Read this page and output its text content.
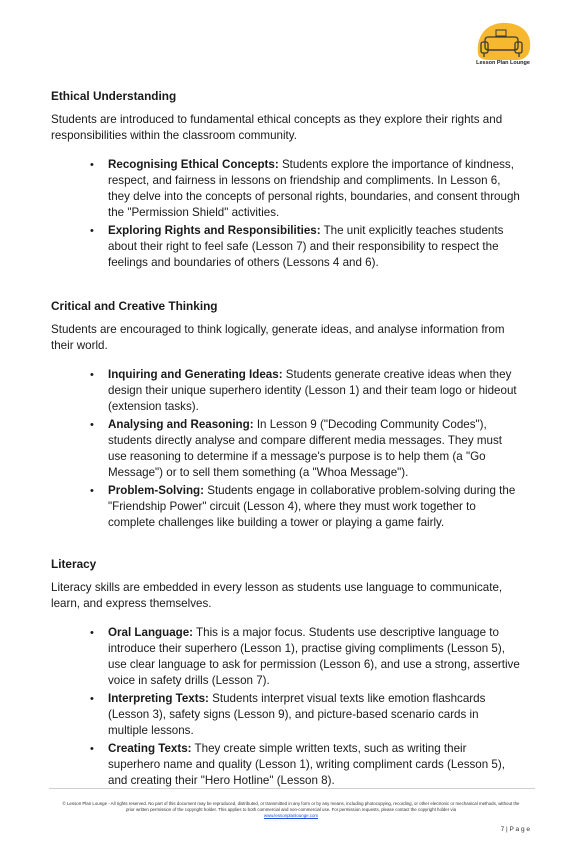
Lesson Plan Lounge
Ethical Understanding

Students are introduced to fundamental ethical concepts as they explore their rights and responsibilities within the classroom community.

• Recognising Ethical Concepts: Students explore the importance of kindness, respect, and fairness in lessons on friendship and compliments. In Lesson 6, they delve into the concepts of personal rights, boundaries, and consent through the "Permission Shield" activities.
• Exploring Rights and Responsibilities: The unit explicitly teaches students about their right to feel safe (Lesson 7) and their responsibility to respect the feelings and boundaries of others (Lessons 4 and 6).
Critical and Creative Thinking

Students are encouraged to think logically, generate ideas, and analyse information from their world.

• Inquiring and Generating Ideas: Students generate creative ideas when they design their unique superhero identity (Lesson 1) and their team logo or hideout (extension tasks).
• Analysing and Reasoning: In Lesson 9 ("Decoding Community Codes"), students directly analyse and compare different media messages. They must use reasoning to determine if a message's purpose is to help them (a "Go Message") or to sell them something (a "Whoa Message").
• Problem-Solving: Students engage in collaborative problem-solving during the "Friendship Power" circuit (Lesson 4), where they must work together to complete challenges like building a tower or playing a game fairly.
Literacy

Literacy skills are embedded in every lesson as students use language to communicate, learn, and express themselves.

• Oral Language: This is a major focus. Students use descriptive language to introduce their superhero (Lesson 1), practise giving compliments (Lesson 5), use clear language to ask for permission (Lesson 6), and use a strong, assertive voice in safety drills (Lesson 7).
• Interpreting Texts: Students interpret visual texts like emotion flashcards (Lesson 3), safety signs (Lesson 9), and picture-based scenario cards in multiple lessons.
• Creating Texts: They create simple written texts, such as writing their superhero name and quality (Lesson 1), writing compliment cards (Lesson 5), and creating their "Hero Hotline" (Lesson 8).
© Lesson Plan Lounge - All rights reserved. No part of this document may be reproduced, distributed, or transmitted in any form or by any means, including photocopying, recording, or other electronic or mechanical methods, without the prior written permission of the copyright holder. This applies to both commercial and non-commercial use. For permission requests, please contact the copyright holder via
www.lessonplanlounge.com
7 | P a g e
